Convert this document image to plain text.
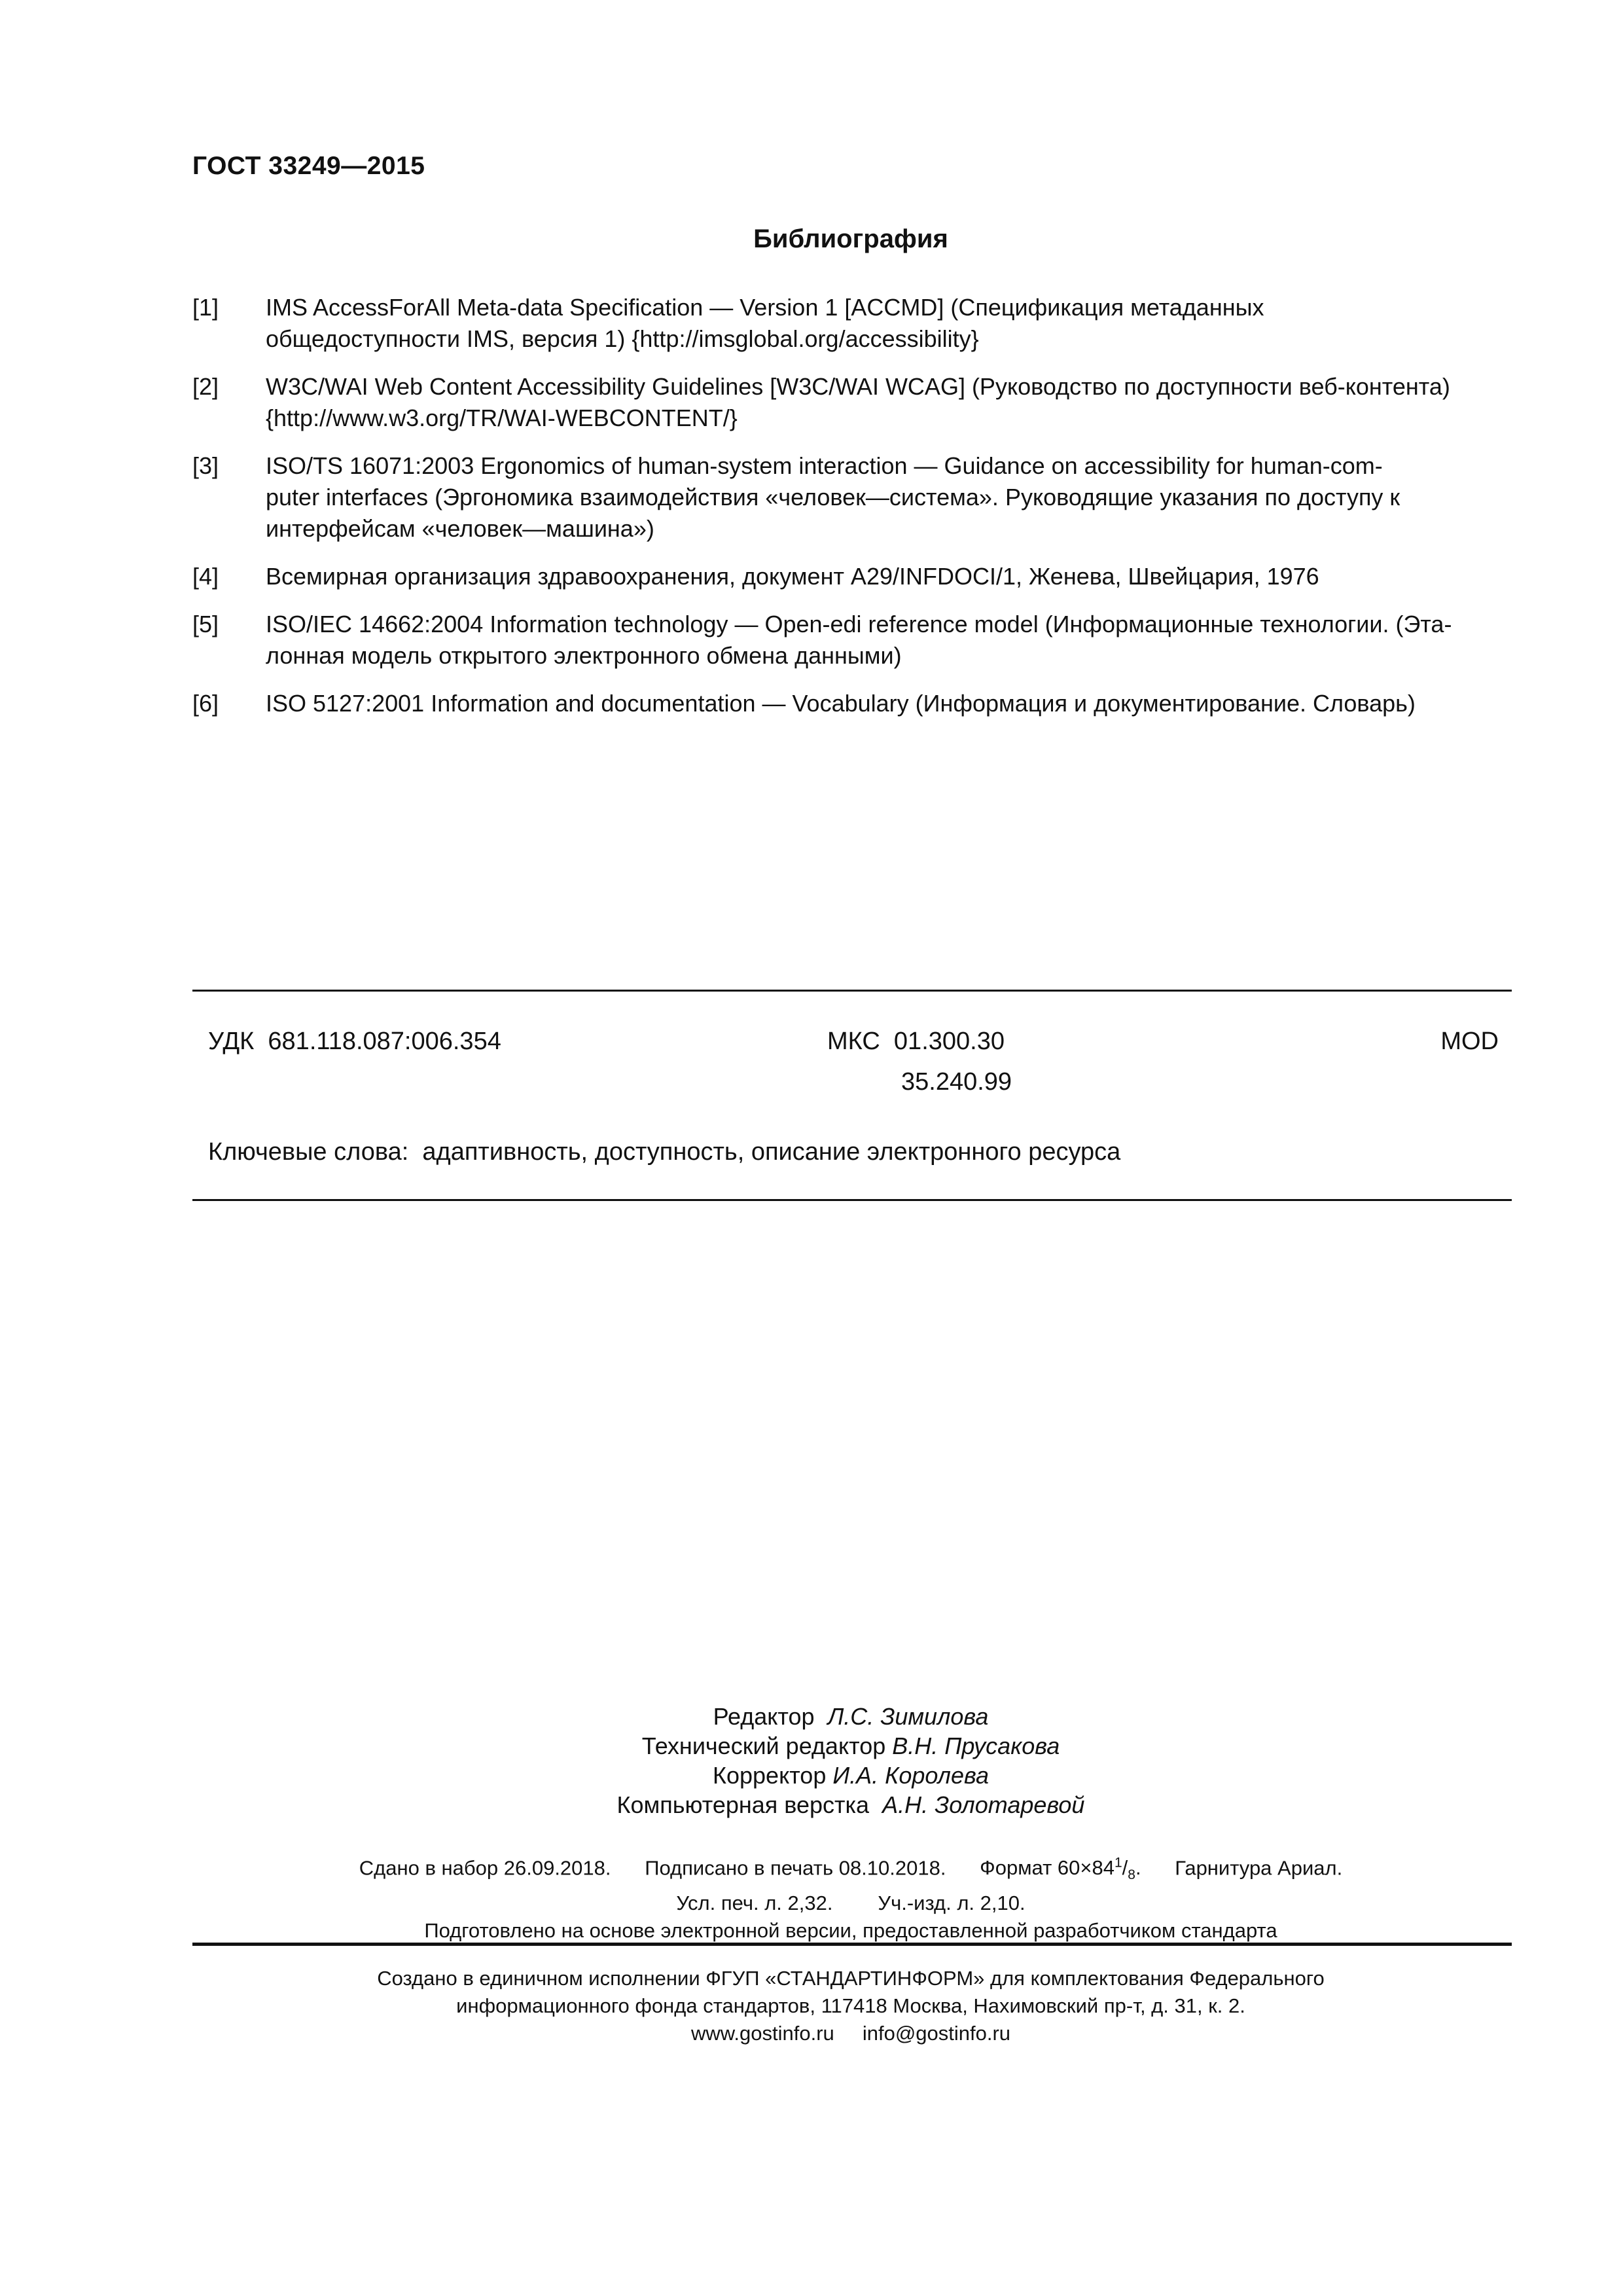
ГОСТ 33249—2015
Библиография
[1]	IMS AccessForAll Meta-data Specification — Version 1 [ACCMD] (Спецификация метаданных
общедоступности IMS, версия 1) {http://imsglobal.org/accessibility}
[2]	W3C/WAI Web Content Accessibility Guidelines [W3C/WAI WCAG] (Руководство по доступности веб-контента)
{http://www.w3.org/TR/WAI-WEBCONTENT/}
[3]	ISO/TS 16071:2003 Ergonomics of human-system interaction — Guidance on accessibility for human-com-
puter interfaces (Эргономика взаимодействия «человек—система». Руководящие указания по доступу к
интерфейсам «человек—машина»)
[4]	Всемирная организация здравоохранения, документ A29/INFDOCI/1, Женева, Швейцария, 1976
[5]	ISO/IEC 14662:2004 Information technology — Open-edi reference model (Информационные технологии. (Эта-
лонная модель открытого электронного обмена данными)
[6]	ISO 5127:2001 Information and documentation — Vocabulary (Информация и документирование. Словарь)
УДК  681.118.087:006.354	МКС  01.300.30
35.240.99
MOD
Ключевые слова:  адаптивность, доступность, описание электронного ресурса
Редактор Л.С. Зимилова
Технический редактор В.Н. Прусакова
Корректор И.А. Королева
Компьютерная верстка А.Н. Золотаревой
Сдано в набор 26.09.2018. Подписано в печать 08.10.2018. Формат $60\times 84^1/_8$. Гарнитура Ариал.
Усл. печ. л. 2,32. Уч.-изд. л. 2,10.
Подготовлено на основе электронной версии, предоставленной разработчиком стандарта
Создано в единичном исполнении ФГУП «СТАНДАРТИНФОРМ» для комплектования Федерального
информационного фонда стандартов, 117418 Москва, Нахимовский пр-т, д. 31, к. 2.
www.gostinfo.ru info@gostinfo.ru
